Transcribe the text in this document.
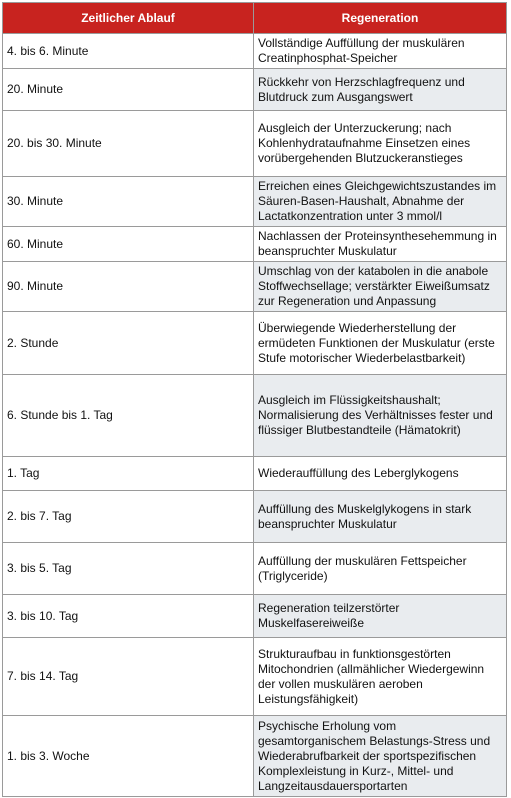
Zeitlicher Ablauf	Regeneration
4. bis 6. Minute	Vollständige Auffüllung der muskulären Creatinphosphat-Speicher
20. Minute	Rückkehr von Herzschlagfrequenz und Blutdruck zum Ausgangswert
20. bis 30. Minute	Ausgleich der Unterzuckerung; nach Kohlenhydrataufnahme Einsetzen eines vorübergehenden Blutzuckeranstieges
30. Minute	Erreichen eines Gleichgewichtszustandes im Säuren-Basen-Haushalt, Abnahme der Lactatkonzentration unter 3 mmol/l
60. Minute	Nachlassen der Proteinsynthesehemmung in beanspruchter Muskulatur
90. Minute	Umschlag von der katabolen in die anabole Stoffwechsellage; verstärkter Eiweißumsatz zur Regeneration und Anpassung
2. Stunde	Überwiegende Wiederherstellung der ermüdeten Funktionen der Muskulatur (erste Stufe motorischer Wiederbelastbarkeit)
6. Stunde bis 1. Tag	Ausgleich im Flüssigkeitshaushalt; Normalisierung des Verhältnisses fester und flüssiger Blutbestandteile (Hämatokrit)
1. Tag	Wiederauffüllung des Leberglykogens
2. bis 7. Tag	Auffüllung des Muskelglykogens in stark beanspruchter Muskulatur
3. bis 5. Tag	Auffüllung der muskulären Fettspeicher (Triglyceride)
3. bis 10. Tag	Regeneration teilzerstörter Muskelfasereiweiße
7. bis 14. Tag	Strukturaufbau in funktionsgestörten Mitochondrien (allmählicher Wiedergewinn der vollen muskulären aeroben Leistungsfähigkeit)
1. bis 3. Woche	Psychische Erholung vom gesamtorganischem Belastungs-Stress und Wiederabrufbarkeit der sportspezifischen Komplexleistung in Kurz-, Mittel- und Langzeitausdauersportarten
